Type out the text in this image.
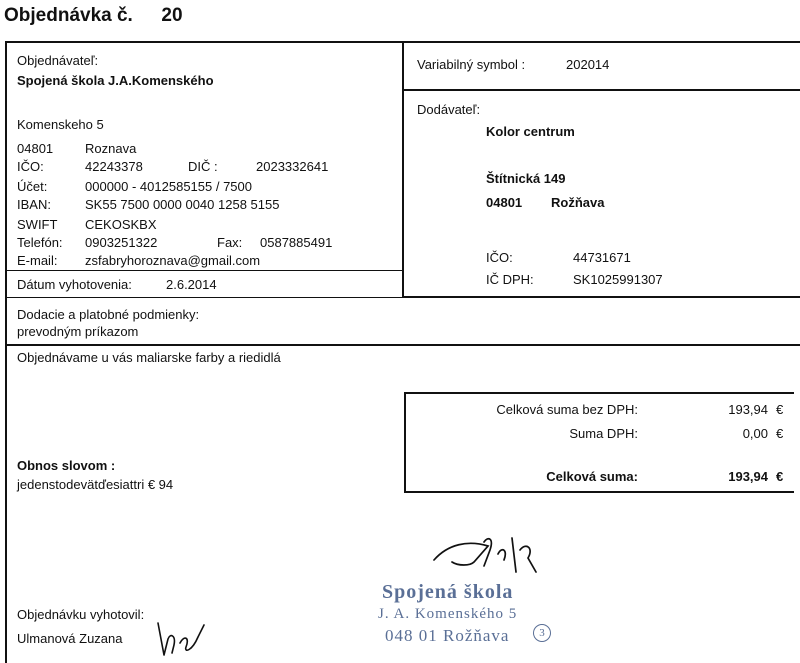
Objednávka č. 20
Objednávateľ:
Spojená škola J.A.Komenského
Komenskeho 5
04801 Roznava
IČO:	42243378	DIČ :	2023332641
Účet:	000000 - 4012585155 / 7500
IBAN:	SK55 7500 0000 0040 1258 5155
SWIFT CEKOSKBX
Telefón: 0903251322	Fax: 0587885491
E-mail: zsfabryhoroznava@gmail.com
Dátum vyhotovenia:	2.6.2014
Variabilný symbol :	202014
Dodávateľ:
Kolor centrum
Štítnická 149
04801 Rožňava
IČO:	44731671
IČ DPH:	SK1025991307
Dodacie a platobné podmienky:
prevodným príkazom
Objednávame u vás maliarske farby a riedidlá
Celková suma bez DPH:	193,94 €
Suma DPH:	0,00 €
Celková suma:	193,94 €
Obnos slovom :
jedenstodevätďesiattri € 94
Objednávku vyhotovil:
Ulmanová Zuzana
Spojená škola
J. A. Komenského 5
048 01 Rožňava	3
